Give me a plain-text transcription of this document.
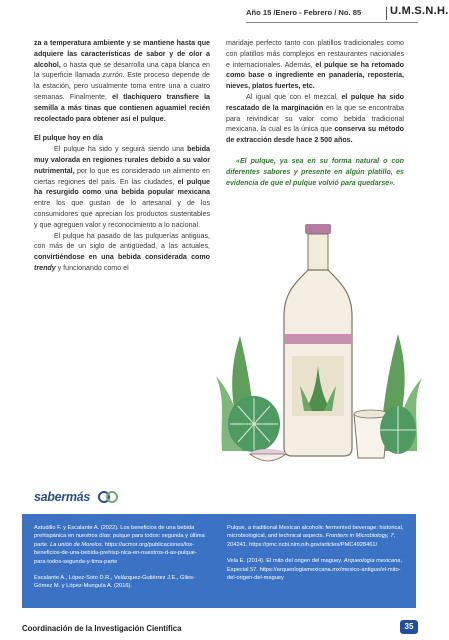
Año 15 /Enero - Febrero / No. 85	U.M.S.N.H.

za a temperatura ambiente y se mantiene hasta que adquiere las características de sabor y de olor a alcohol, o hasta que se desarrolla una capa blanca en la superficie llamada zurrón. Este proceso depende de la estación, pero usualmente toma entre una a cuatro semanas. Finalmente, el tlachiquero transfiere la semilla a más tinas que contienen aguamiel recién recolectado para obtener así el pulque.

El pulque hoy en día

El pulque ha sido y seguirá siendo una bebida muy valorada en regiones rurales debido a su valor nutrimental, por lo que es considerado un alimento en ciertas regiones del país. En las ciudades, el pulque ha resurgido como una bebida popular mexicana entre los que gustan de lo artesanal y de los consumidores que aprecian los productos sustentables y que agreguen valor y reconocimiento a lo nacional.

El pulque ha pasado de las pulquerías antiguas, con más de un siglo de antigüedad, a las actuales, convirtiéndose en una bebida considerada como trendy y funcionando como el

maridaje perfecto tanto con platillos tradicionales como con platillos más complejos en restaurantes nacionales e internacionales. Además, el pulque se ha retomado como base o ingrediente en panadería, repostería, nieves, platos fuertes, etc.

Al igual que con el mezcal, el pulque ha sido rescatado de la marginación en la que se encontraba para reivindicar su valor como bebida tradicional mexicana, la cual es la única que conserva su método de extracción desde hace 2 500 años.

«El pulque, ya sea en su forma natural o con diferentes sabores y presente en algún platillo, es evidencia de que el pulque volvió para quedarse».

sabermás

Astudillo F. y Escalante A. (2022). Los beneficios de una bebida prehispánica en nuestros días: pulque para todos: segunda y última parte. La unión de Morelos. https://acmor.org/publicaciones/los-beneficios-de-una-bebida-prehisp-nica-en-nuestros-d-as-pulque-para-todos-segunda-y-tima-parte

Escalante A., López-Soto D.R., Velázquez-Gutiérrez J.E., Giles-Gómez M. y López-Munguía A. (2016).

Pulque, a traditional Mexican alcoholic fermented beverage: historical, microbiological, and technical aspects. Frontiers in Microbiology, 7, 204241. https://pmc.ncbi.nlm.nih.gov/articles/PMC4928461/

Vela E. (2014). El mito del origen del maguey. Arqueología mexicana, Especial 57. https://arqueologiamexicana.mx/mexico-antiguo/el-mito-del-origen-del-maguey

Coordinación de la Investigación Científica	35
